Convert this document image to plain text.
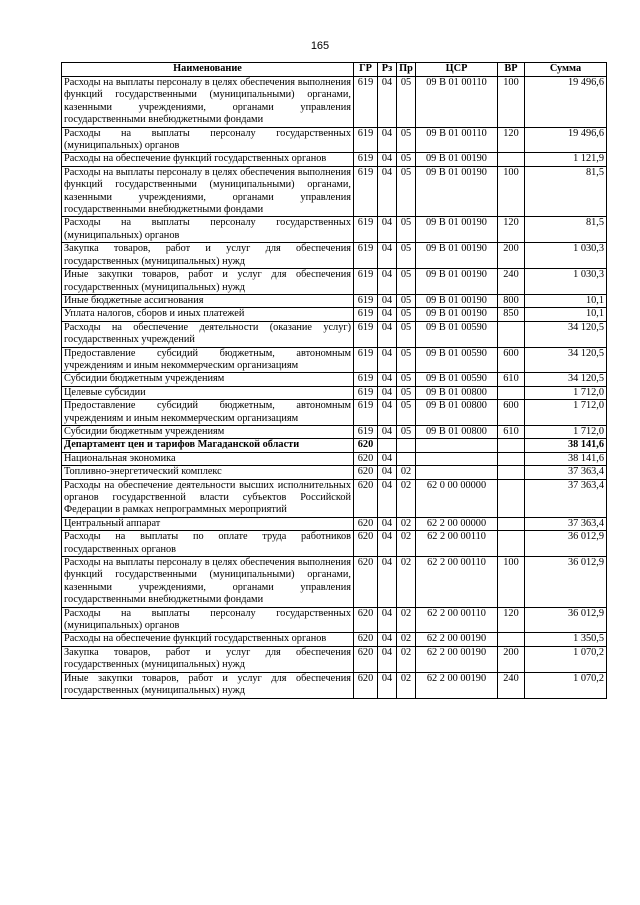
165
Наименование	ГР	Рз	Пр	ЦСР	ВР	Сумма
Расходы на выплаты персоналу в целях обеспечения выполнения функций государственными (муниципальными) органами, казенными учреждениями, органами управления государственными внебюджетными фондами	619	04	05	09 В 01 00110	100	19 496,6
Расходы на выплаты персоналу государственных (муниципальных) органов	619	04	05	09 В 01 00110	120	19 496,6
Расходы на обеспечение функций государственных органов	619	04	05	09 В 01 00190		1 121,9
Расходы на выплаты персоналу в целях обеспечения выполнения функций государственными (муниципальными) органами, казенными учреждениями, органами управления государственными внебюджетными фондами	619	04	05	09 В 01 00190	100	81,5
Расходы на выплаты персоналу государственных (муниципальных) органов	619	04	05	09 В 01 00190	120	81,5
Закупка товаров, работ и услуг для обеспечения государственных (муниципальных) нужд	619	04	05	09 В 01 00190	200	1 030,3
Иные закупки товаров, работ и услуг для обеспечения государственных (муниципальных) нужд	619	04	05	09 В 01 00190	240	1 030,3
Иные бюджетные ассигнования	619	04	05	09 В 01 00190	800	10,1
Уплата налогов, сборов и иных платежей	619	04	05	09 В 01 00190	850	10,1
Расходы на обеспечение деятельности (оказание услуг) государственных учреждений	619	04	05	09 В 01 00590		34 120,5
Предоставление субсидий бюджетным, автономным учреждениям и иным некоммерческим организациям	619	04	05	09 В 01 00590	600	34 120,5
Субсидии бюджетным учреждениям	619	04	05	09 В 01 00590	610	34 120,5
Целевые субсидии	619	04	05	09 В 01 00800		1 712,0
Предоставление субсидий бюджетным, автономным учреждениям и иным некоммерческим организациям	619	04	05	09 В 01 00800	600	1 712,0
Субсидии бюджетным учреждениям	619	04	05	09 В 01 00800	610	1 712,0
Департамент цен и тарифов Магаданской области	620					38 141,6
Национальная экономика	620	04				38 141,6
Топливно-энергетический комплекс	620	04	02			37 363,4
Расходы на обеспечение деятельности высших исполнительных органов государственной власти субъектов Российской Федерации в рамках непрограммных мероприятий	620	04	02	62 0 00 00000		37 363,4
Центральный аппарат	620	04	02	62 2 00 00000		37 363,4
Расходы на выплаты по оплате труда работников государственных органов	620	04	02	62 2 00 00110		36 012,9
Расходы на выплаты персоналу в целях обеспечения выполнения функций государственными (муниципальными) органами, казенными учреждениями, органами управления государственными внебюджетными фондами	620	04	02	62 2 00 00110	100	36 012,9
Расходы на выплаты персоналу государственных (муниципальных) органов	620	04	02	62 2 00 00110	120	36 012,9
Расходы на обеспечение функций государственных органов	620	04	02	62 2 00 00190		1 350,5
Закупка товаров, работ и услуг для обеспечения государственных (муниципальных) нужд	620	04	02	62 2 00 00190	200	1 070,2
Иные закупки товаров, работ и услуг для обеспечения государственных (муниципальных) нужд	620	04	02	62 2 00 00190	240	1 070,2
